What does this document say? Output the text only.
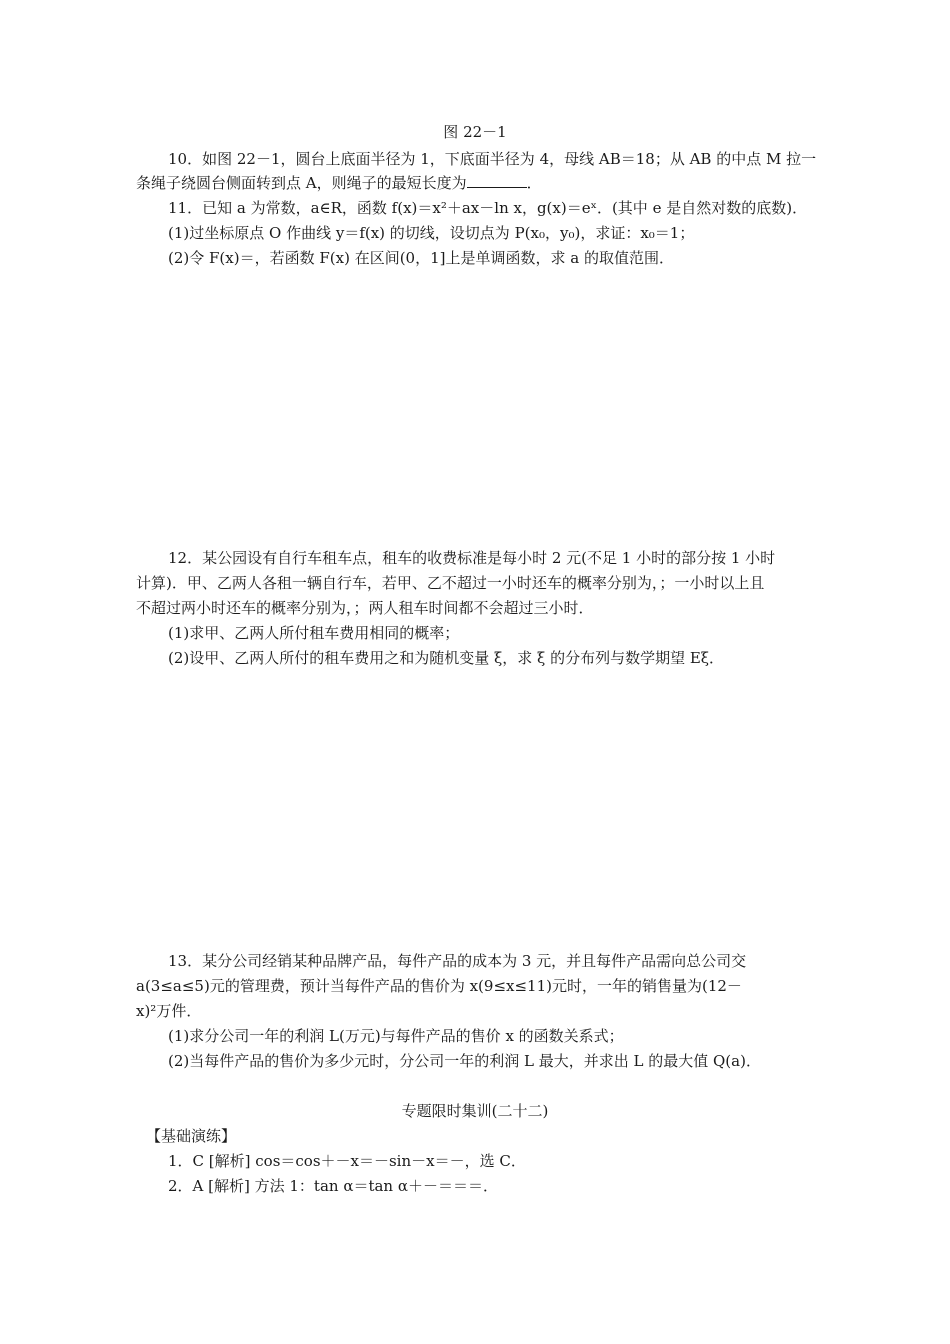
图 22－1
10．如图 22－1，圆台上底面半径为 1，下底面半径为 4，母线 AB＝18；从 AB 的中点 M 拉一
条绳子绕圆台侧面转到点 A，则绳子的最短长度为	．
11．已知 a 为常数，a∈R，函数 f(x)＝x²＋ax－ln x，g(x)＝eˣ．(其中 e 是自然对数的底数)．
(1)过坐标原点 O 作曲线 y＝f(x) 的切线，设切点为 P(x₀，y₀)，求证：x₀＝1；
(2)令 F(x)＝，若函数 F(x) 在区间(0，1]上是单调函数，求 a 的取值范围．
12．某公园设有自行车租车点，租车的收费标准是每小时 2 元(不足 1 小时的部分按 1 小时
计算)．甲、乙两人各租一辆自行车，若甲、乙不超过一小时还车的概率分别为，；一小时以上且
不超过两小时还车的概率分别为，；两人租车时间都不会超过三小时．
(1)求甲、乙两人所付租车费用相同的概率；
(2)设甲、乙两人所付的租车费用之和为随机变量 ξ，求 ξ 的分布列与数学期望 Eξ．
13．某分公司经销某种品牌产品，每件产品的成本为 3 元，并且每件产品需向总公司交
a(3≤a≤5)元的管理费，预计当每件产品的售价为 x(9≤x≤11)元时，一年的销售量为(12－
x)²万件．
(1)求分公司一年的利润 L(万元)与每件产品的售价 x 的函数关系式；
(2)当每件产品的售价为多少元时，分公司一年的利润 L 最大，并求出 L 的最大值 Q(a)．
专题限时集训(二十二)
【基础演练】
1．C [解析] cos＝cos＋－x＝－sin－x＝－，选 C．
2．A [解析] 方法 1：tan α＝tan α＋－＝＝＝．
